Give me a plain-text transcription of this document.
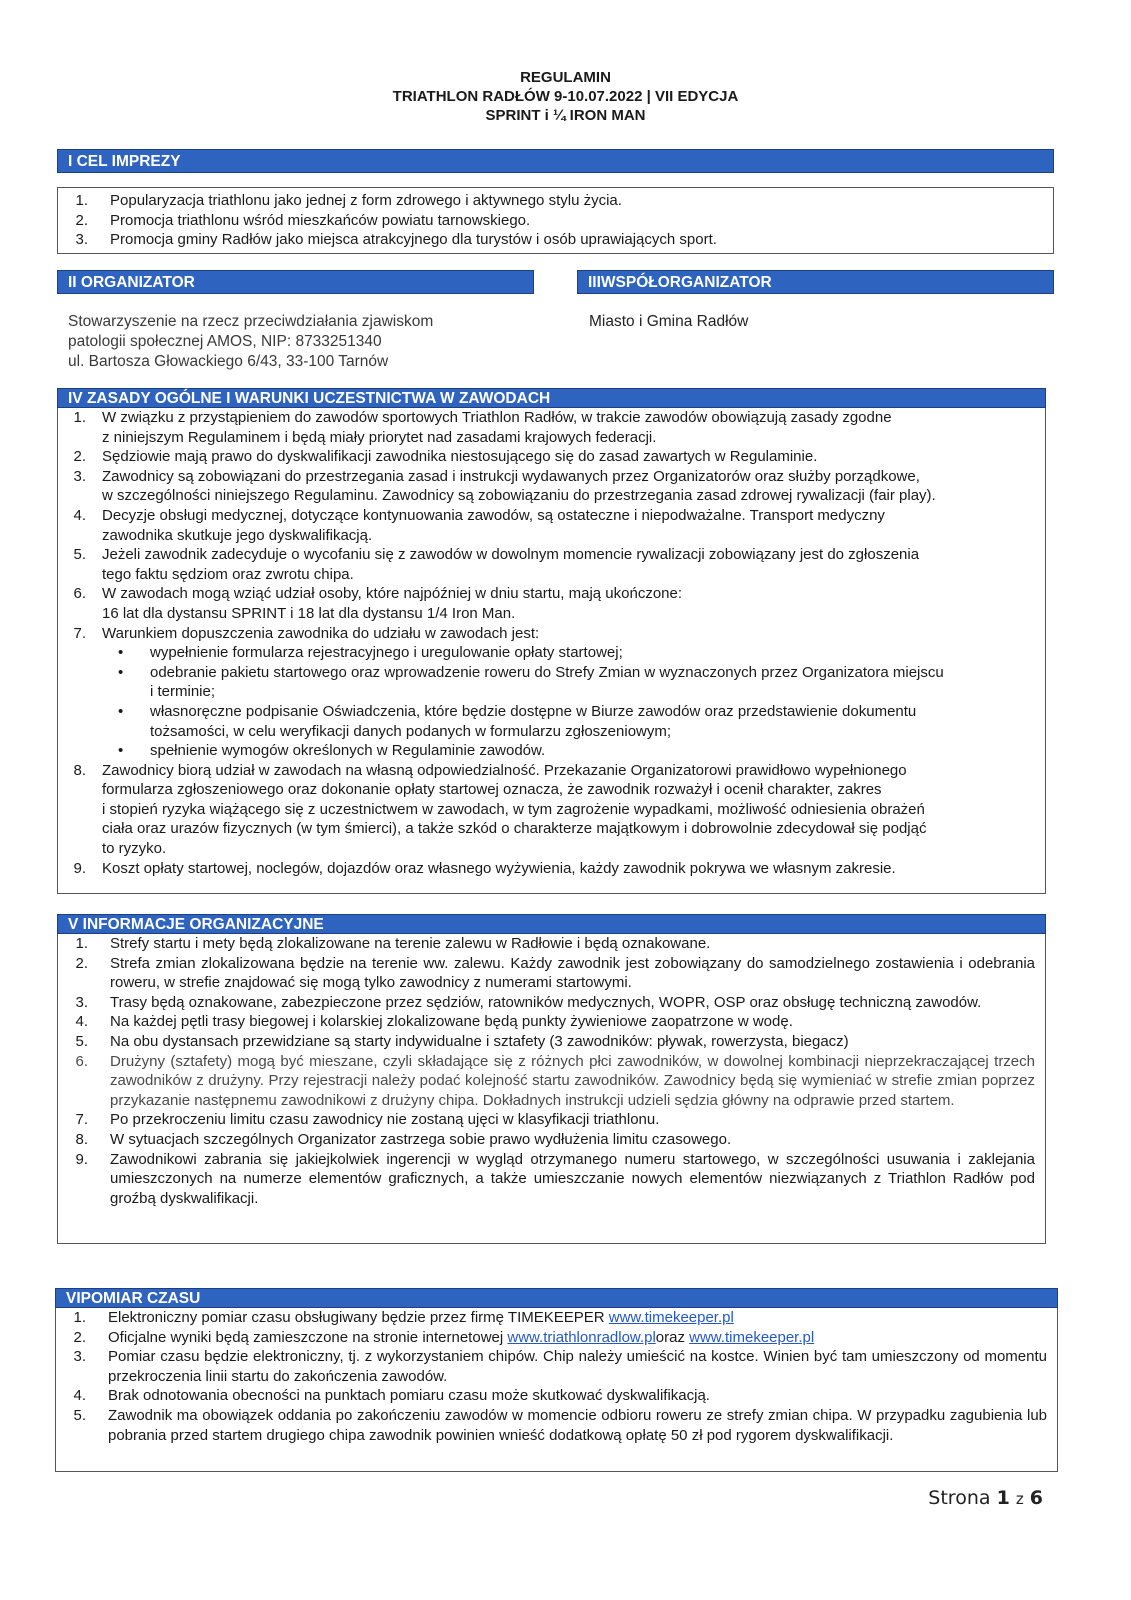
REGULAMIN
TRIATHLON RADŁÓW 9-10.07.2022 | VII EDYCJA
SPRINT i ¼ IRON MAN
I CEL IMPREZY
1. Popularyzacja triathlonu jako jednej z form zdrowego i aktywnego stylu życia.
2. Promocja triathlonu wśród mieszkańców powiatu tarnowskiego.
3. Promocja gminy Radłów jako miejsca atrakcyjnego dla turystów i osób uprawiających sport.
II ORGANIZATOR
Stowarzyszenie na rzecz przeciwdziałania zjawiskom
patologii społecznej AMOS, NIP: 8733251340
ul. Bartosza Głowackiego 6/43, 33-100 Tarnów
IIIWSPÓŁORGANIZATOR
Miasto i Gmina Radłów
IV ZASADY OGÓLNE I WARUNKI UCZESTNICTWA W ZAWODACH
1. W związku z przystąpieniem do zawodów sportowych Triathlon Radłów, w trakcie zawodów obowiązują zasady zgodne
z niniejszym Regulaminem i będą miały priorytet nad zasadami krajowych federacji.
2. Sędziowie mają prawo do dyskwalifikacji zawodnika niestosującego się do zasad zawartych w Regulaminie.
3. Zawodnicy są zobowiązani do przestrzegania zasad i instrukcji wydawanych przez Organizatorów oraz służby porządkowe,
w szczególności niniejszego Regulaminu. Zawodnicy są zobowiązaniu do przestrzegania zasad zdrowej rywalizacji (fair play).
4. Decyzje obsługi medycznej, dotyczące kontynuowania zawodów, są ostateczne i niepodważalne. Transport medyczny
zawodnika skutkuje jego dyskwalifikacją.
5. Jeżeli zawodnik zadecyduje o wycofaniu się z zawodów w dowolnym momencie rywalizacji zobowiązany jest do zgłoszenia
tego faktu sędziom oraz zwrotu chipa.
6. W zawodach mogą wziąć udział osoby, które najpóźniej w dniu startu, mają ukończone:
16 lat dla dystansu SPRINT i 18 lat dla dystansu 1/4 Iron Man.
7. Warunkiem dopuszczenia zawodnika do udziału w zawodach jest:
• wypełnienie formularza rejestracyjnego i uregulowanie opłaty startowej;
• odebranie pakietu startowego oraz wprowadzenie roweru do Strefy Zmian w wyznaczonych przez Organizatora miejscu
i terminie;
• własnoręczne podpisanie Oświadczenia, które będzie dostępne w Biurze zawodów oraz przedstawienie dokumentu
tożsamości, w celu weryfikacji danych podanych w formularzu zgłoszeniowym;
• spełnienie wymogów określonych w Regulaminie zawodów.
8. Zawodnicy biorą udział w zawodach na własną odpowiedzialność. Przekazanie Organizatorowi prawidłowo wypełnionego
formularza zgłoszeniowego oraz dokonanie opłaty startowej oznacza, że zawodnik rozważył i ocenił charakter, zakres
i stopień ryzyka wiążącego się z uczestnictwem w zawodach, w tym zagrożenie wypadkami, możliwość odniesienia obrażeń
ciała oraz urazów fizycznych (w tym śmierci), a także szkód o charakterze majątkowym i dobrowolnie zdecydował się podjąć
to ryzyko.
9. Koszt opłaty startowej, noclegów, dojazdów oraz własnego wyżywienia, każdy zawodnik pokrywa we własnym zakresie.
V INFORMACJE ORGANIZACYJNE
1. Strefy startu i mety będą zlokalizowane na terenie zalewu w Radłowie i będą oznakowane.
2. Strefa zmian zlokalizowana będzie na terenie ww. zalewu. Każdy zawodnik jest zobowiązany do samodzielnego zostawienia i odebrania roweru, w strefie znajdować się mogą tylko zawodnicy z numerami startowymi.
3. Trasy będą oznakowane, zabezpieczone przez sędziów, ratowników medycznych, WOPR, OSP oraz obsługę techniczną zawodów.
4. Na każdej pętli trasy biegowej i kolarskiej zlokalizowane będą punkty żywieniowe zaopatrzone w wodę.
5. Na obu dystansach przewidziane są starty indywidualne i sztafety (3 zawodników: pływak, rowerzysta, biegacz)
6. Drużyny (sztafety) mogą być mieszane, czyli składające się z różnych płci zawodników, w dowolnej kombinacji nieprzekraczającej trzech zawodników z drużyny. Przy rejestracji należy podać kolejność startu zawodników. Zawodnicy będą się wymieniać w strefie zmian poprzez przykazanie następnemu zawodnikowi z drużyny chipa. Dokładnych instrukcji udzieli sędzia główny na odprawie przed startem.
7. Po przekroczeniu limitu czasu zawodnicy nie zostaną ujęci w klasyfikacji triathlonu.
8. W sytuacjach szczególnych Organizator zastrzega sobie prawo wydłużenia limitu czasowego.
9. Zawodnikowi zabrania się jakiejkolwiek ingerencji w wygląd otrzymanego numeru startowego, w szczególności usuwania i zaklejania umieszczonych na numerze elementów graficznych, a także umieszczanie nowych elementów niezwiązanych z Triathlon Radłów pod groźbą dyskwalifikacji.
VIPOMIAR CZASU
1. Elektroniczny pomiar czasu obsługiwany będzie przez firmę TIMEKEEPER www.timekeeper.pl
2. Oficjalne wyniki będą zamieszczone na stronie internetowej www.triathlonradlow.ploraz www.timekeeper.pl
3. Pomiar czasu będzie elektroniczny, tj. z wykorzystaniem chipów. Chip należy umieścić na kostce. Winien być tam umieszczony od momentu przekroczenia linii startu do zakończenia zawodów.
4. Brak odnotowania obecności na punktach pomiaru czasu może skutkować dyskwalifikacją.
5. Zawodnik ma obowiązek oddania po zakończeniu zawodów w momencie odbioru roweru ze strefy zmian chipa. W przypadku zagubienia lub pobrania przed startem drugiego chipa zawodnik powinien wnieść dodatkową opłatę 50 zł pod rygorem dyskwalifikacji.
Strona 1 z 6
